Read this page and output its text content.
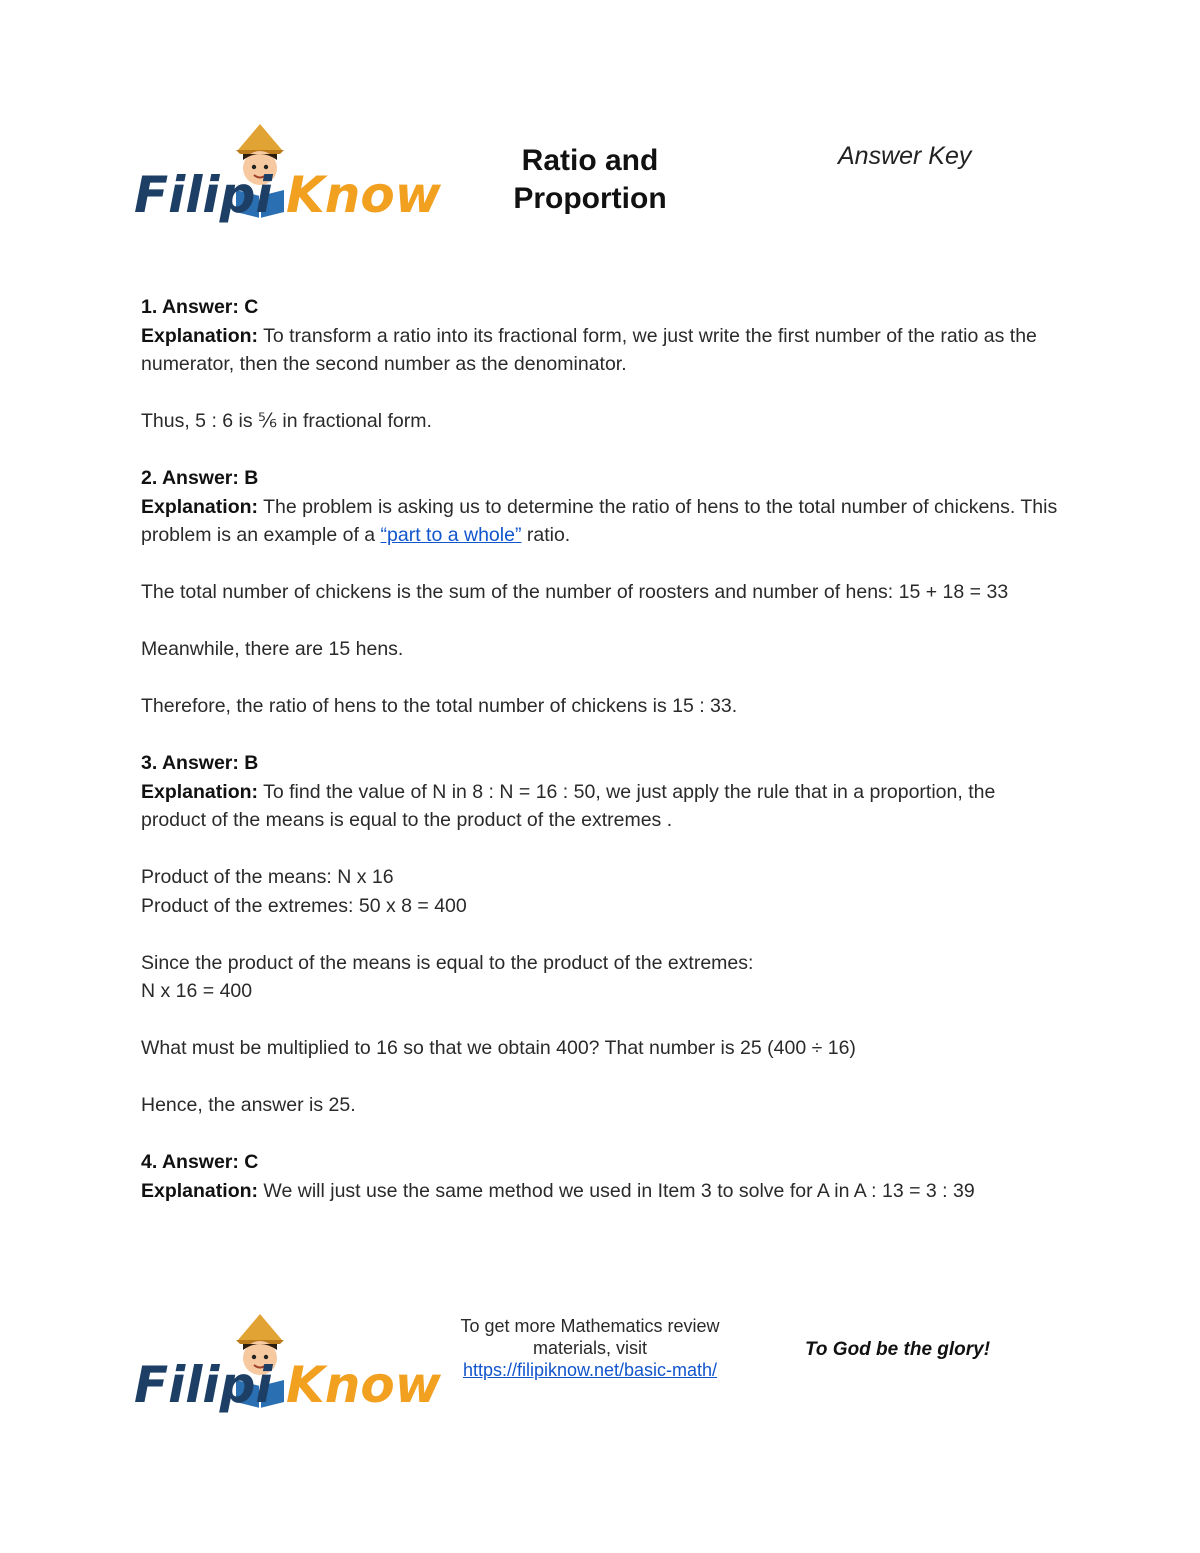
Filipi Know
Ratio and
Proportion
Answer Key

1. Answer: C

Explanation: To transform a ratio into its fractional form, we just write the first number of the ratio as the numerator, then the second number as the denominator.

Thus, 5 : 6 is ⅚ in fractional form.

2. Answer: B

Explanation: The problem is asking us to determine the ratio of hens to the total number of chickens. This problem is an example of a “part to a whole” ratio.

The total number of chickens is the sum of the number of roosters and number of hens: 15 + 18 = 33

Meanwhile, there are 15 hens.

Therefore, the ratio of hens to the total number of chickens is 15 : 33.

3. Answer: B

Explanation: To find the value of N in 8 : N = 16 : 50, we just apply the rule that in a proportion, the product of the means is equal to the product of the extremes .

Product of the means: N x 16

Product of the extremes: 50 x 8 = 400

Since the product of the means is equal to the product of the extremes:

N x 16 = 400

What must be multiplied to 16 so that we obtain 400? That number is 25 (400 ÷ 16)

Hence, the answer is 25.

4. Answer: C

Explanation: We will just use the same method we used in Item 3 to solve for A in A : 13 = 3 : 39

Filipi Know
To get more Mathematics review
materials, visit
https://filipiknow.net/basic-math/
To God be the glory!
